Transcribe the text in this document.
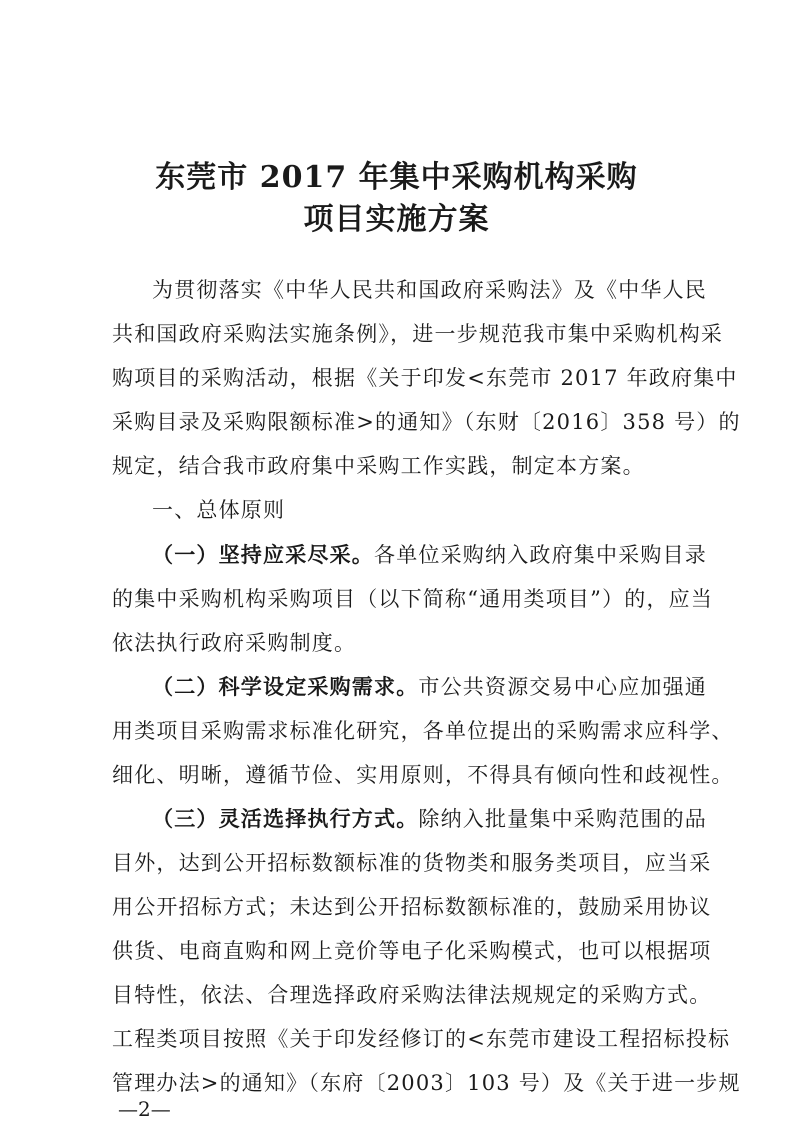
东莞市 2017 年集中采购机构采购
项目实施方案
为贯彻落实《中华人民共和国政府采购法》及《中华人民
共和国政府采购法实施条例》，进一步规范我市集中采购机构采
购项目的采购活动，根据《关于印发<东莞市 2017 年政府集中
采购目录及采购限额标准>的通知》（东财〔2016〕358 号）的
规定，结合我市政府集中采购工作实践，制定本方案。
一、总体原则
（一）坚持应采尽采。各单位采购纳入政府集中采购目录
的集中采购机构采购项目（以下简称“通用类项目”）的，应当
依法执行政府采购制度。
（二）科学设定采购需求。市公共资源交易中心应加强通
用类项目采购需求标准化研究，各单位提出的采购需求应科学、
细化、明晰，遵循节俭、实用原则，不得具有倾向性和歧视性。
（三）灵活选择执行方式。除纳入批量集中采购范围的品
目外，达到公开招标数额标准的货物类和服务类项目，应当采
用公开招标方式；未达到公开招标数额标准的，鼓励采用协议
供货、电商直购和网上竞价等电子化采购模式，也可以根据项
目特性，依法、合理选择政府采购法律法规规定的采购方式。
工程类项目按照《关于印发经修订的<东莞市建设工程招标投标
管理办法>的通知》（东府〔2003〕103 号）及《关于进一步规
—2—
